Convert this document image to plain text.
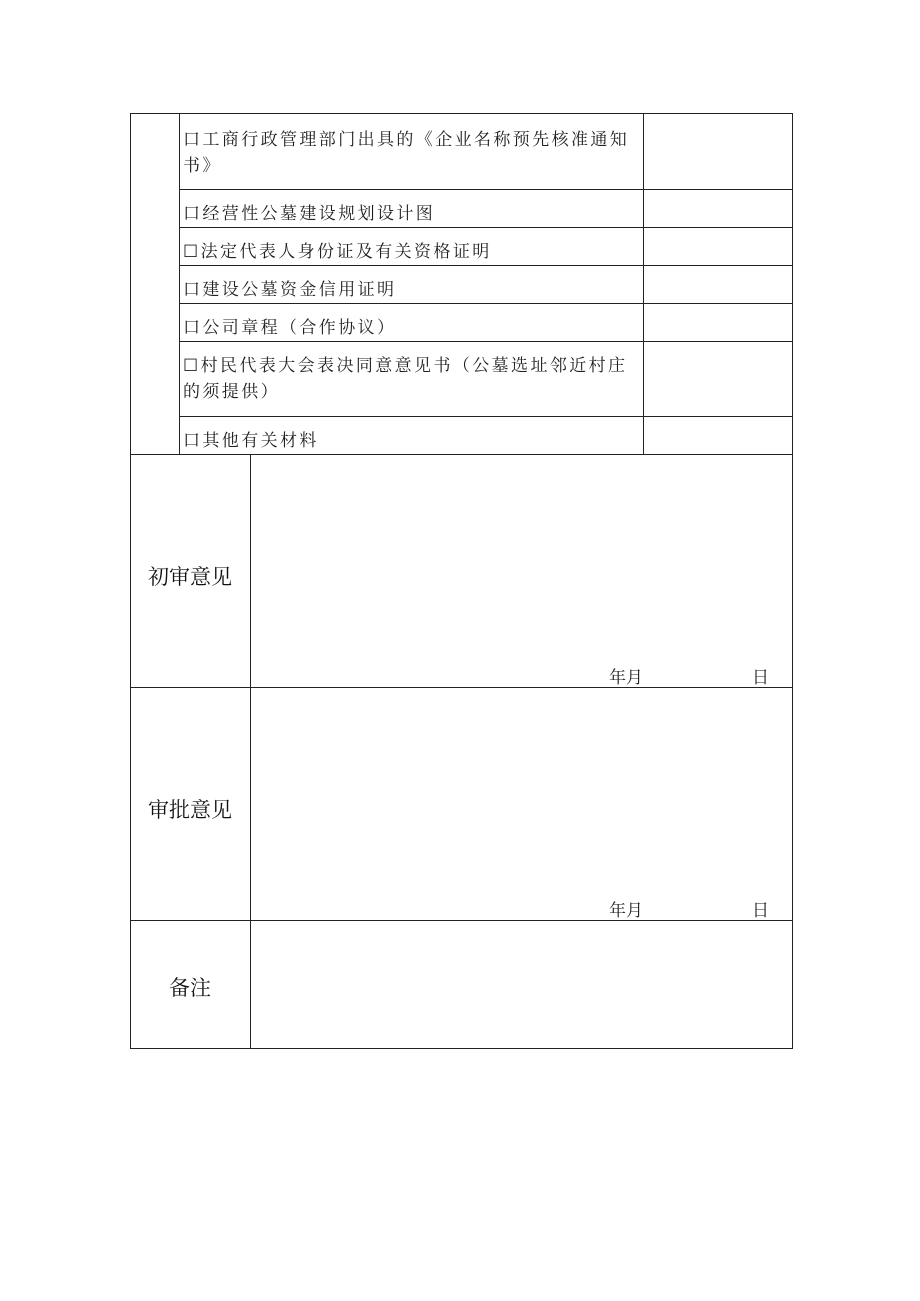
口工商行政管理部门出具的《企业名称预先核准通知书》
口经营性公墓建设规划设计图
☐法定代表人身份证及有关资格证明
口建设公墓资金信用证明
口公司章程（合作协议）
☐村民代表大会表决同意意见书（公墓选址邻近村庄的须提供）
口其他有关材料
初审意见
年月	日
审批意见
年月	日
备注
